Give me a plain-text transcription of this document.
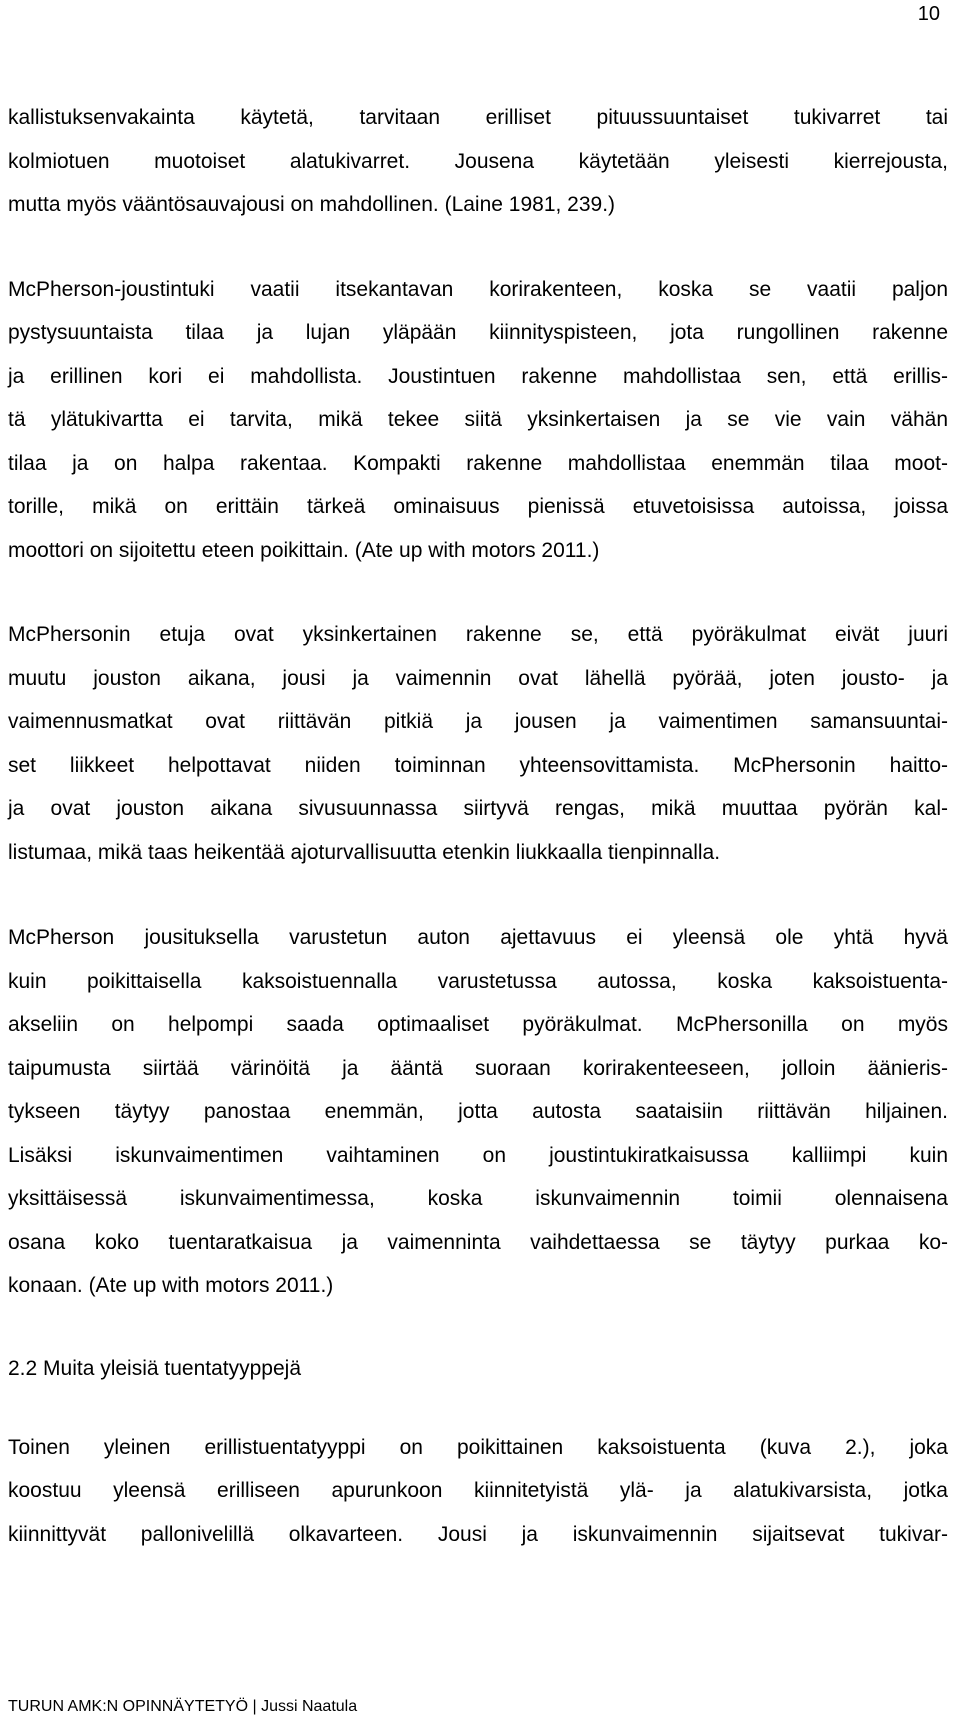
10

kallistuksenvakainta käytetä, tarvitaan erilliset pituussuuntaiset tukivarret tai
kolmiotuen muotoiset alatukivarret. Jousena käytetään yleisesti kierrejousta,
mutta myös vääntösauvajousi on mahdollinen. (Laine 1981, 239.)

McPherson-joustintuki vaatii itsekantavan korirakenteen, koska se vaatii paljon
pystysuuntaista tilaa ja lujan yläpään kiinnityspisteen, jota rungollinen rakenne
ja erillinen kori ei mahdollista. Joustintuen rakenne mahdollistaa sen, että erillis-
tä ylätukivartta ei tarvita, mikä tekee siitä yksinkertaisen ja se vie vain vähän
tilaa ja on halpa rakentaa. Kompakti rakenne mahdollistaa enemmän tilaa moot-
torille, mikä on erittäin tärkeä ominaisuus pienissä etuvetoisissa autoissa, joissa
moottori on sijoitettu eteen poikittain. (Ate up with motors 2011.)

McPhersonin etuja ovat yksinkertainen rakenne se, että pyöräkulmat eivät juuri
muutu jouston aikana, jousi ja vaimennin ovat lähellä pyörää, joten jousto- ja
vaimennusmatkat ovat riittävän pitkiä ja jousen ja vaimentimen samansuuntai-
set liikkeet helpottavat niiden toiminnan yhteensovittamista. McPhersonin haitto-
ja ovat jouston aikana sivusuunnassa siirtyvä rengas, mikä muuttaa pyörän kal-
listumaa, mikä taas heikentää ajoturvallisuutta etenkin liukkaalla tienpinnalla.

McPherson jousituksella varustetun auton ajettavuus ei yleensä ole yhtä hyvä
kuin poikittaisella kaksoistuennalla varustetussa autossa, koska kaksoistuenta-
akseliin on helpompi saada optimaaliset pyöräkulmat. McPhersonilla on myös
taipumusta siirtää värinöitä ja ääntä suoraan korirakenteeseen, jolloin äänieris-
tykseen täytyy panostaa enemmän, jotta autosta saataisiin riittävän hiljainen.
Lisäksi iskunvaimentimen vaihtaminen on joustintukiratkaisussa kalliimpi kuin
yksittäisessä iskunvaimentimessa, koska iskunvaimennin toimii olennaisena
osana koko tuentaratkaisua ja vaimenninta vaihdettaessa se täytyy purkaa ko-
konaan. (Ate up with motors 2011.)

2.2 Muita yleisiä tuentatyyppejä

Toinen yleinen erillistuentatyyppi on poikittainen kaksoistuenta (kuva 2.), joka
koostuu yleensä erilliseen apurunkoon kiinnitetyistä ylä- ja alatukivarsista, jotka
kiinnittyvät pallonivelillä olkavarteen. Jousi ja iskunvaimennin sijaitsevat tukivar-

TURUN AMK:N OPINNÄYTETYÖ | Jussi Naatula
